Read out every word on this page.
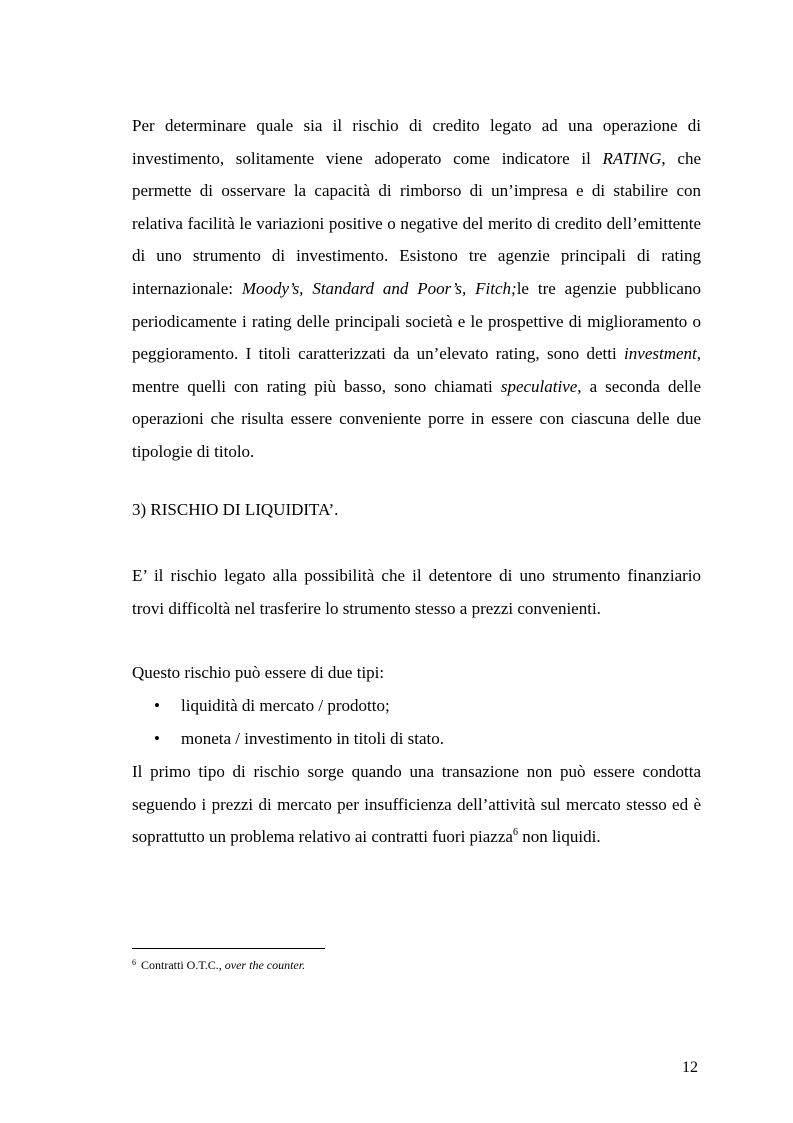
Per determinare quale sia il rischio di credito legato ad una operazione di investimento, solitamente viene adoperato come indicatore il RATING, che permette di osservare la capacità di rimborso di un’impresa e di stabilire con relativa facilità le variazioni positive o negative del merito di credito dell’emittente di uno strumento di investimento. Esistono tre agenzie principali di rating internazionale: Moody’s, Standard and Poor’s, Fitch;le tre agenzie pubblicano periodicamente i rating delle principali società e le prospettive di miglioramento o peggioramento. I titoli caratterizzati da un’elevato rating, sono detti investment, mentre quelli con rating più basso, sono chiamati speculative, a seconda delle operazioni che risulta essere conveniente porre in essere con ciascuna delle due tipologie di titolo.

3) RISCHIO DI LIQUIDITA’.

E’ il rischio legato alla possibilità che il detentore di uno strumento finanziario trovi difficoltà nel trasferire lo strumento stesso a prezzi convenienti.

Questo rischio può essere di due tipi:

• liquidità di mercato / prodotto;
• moneta / investimento in titoli di stato.

Il primo tipo di rischio sorge quando una transazione non può essere condotta seguendo i prezzi di mercato per insufficienza dell’attività sul mercato stesso ed è soprattutto un problema relativo ai contratti fuori piazza$^6$ non liquidi.

$^6$ Contratti O.T.C., over the counter.
12
